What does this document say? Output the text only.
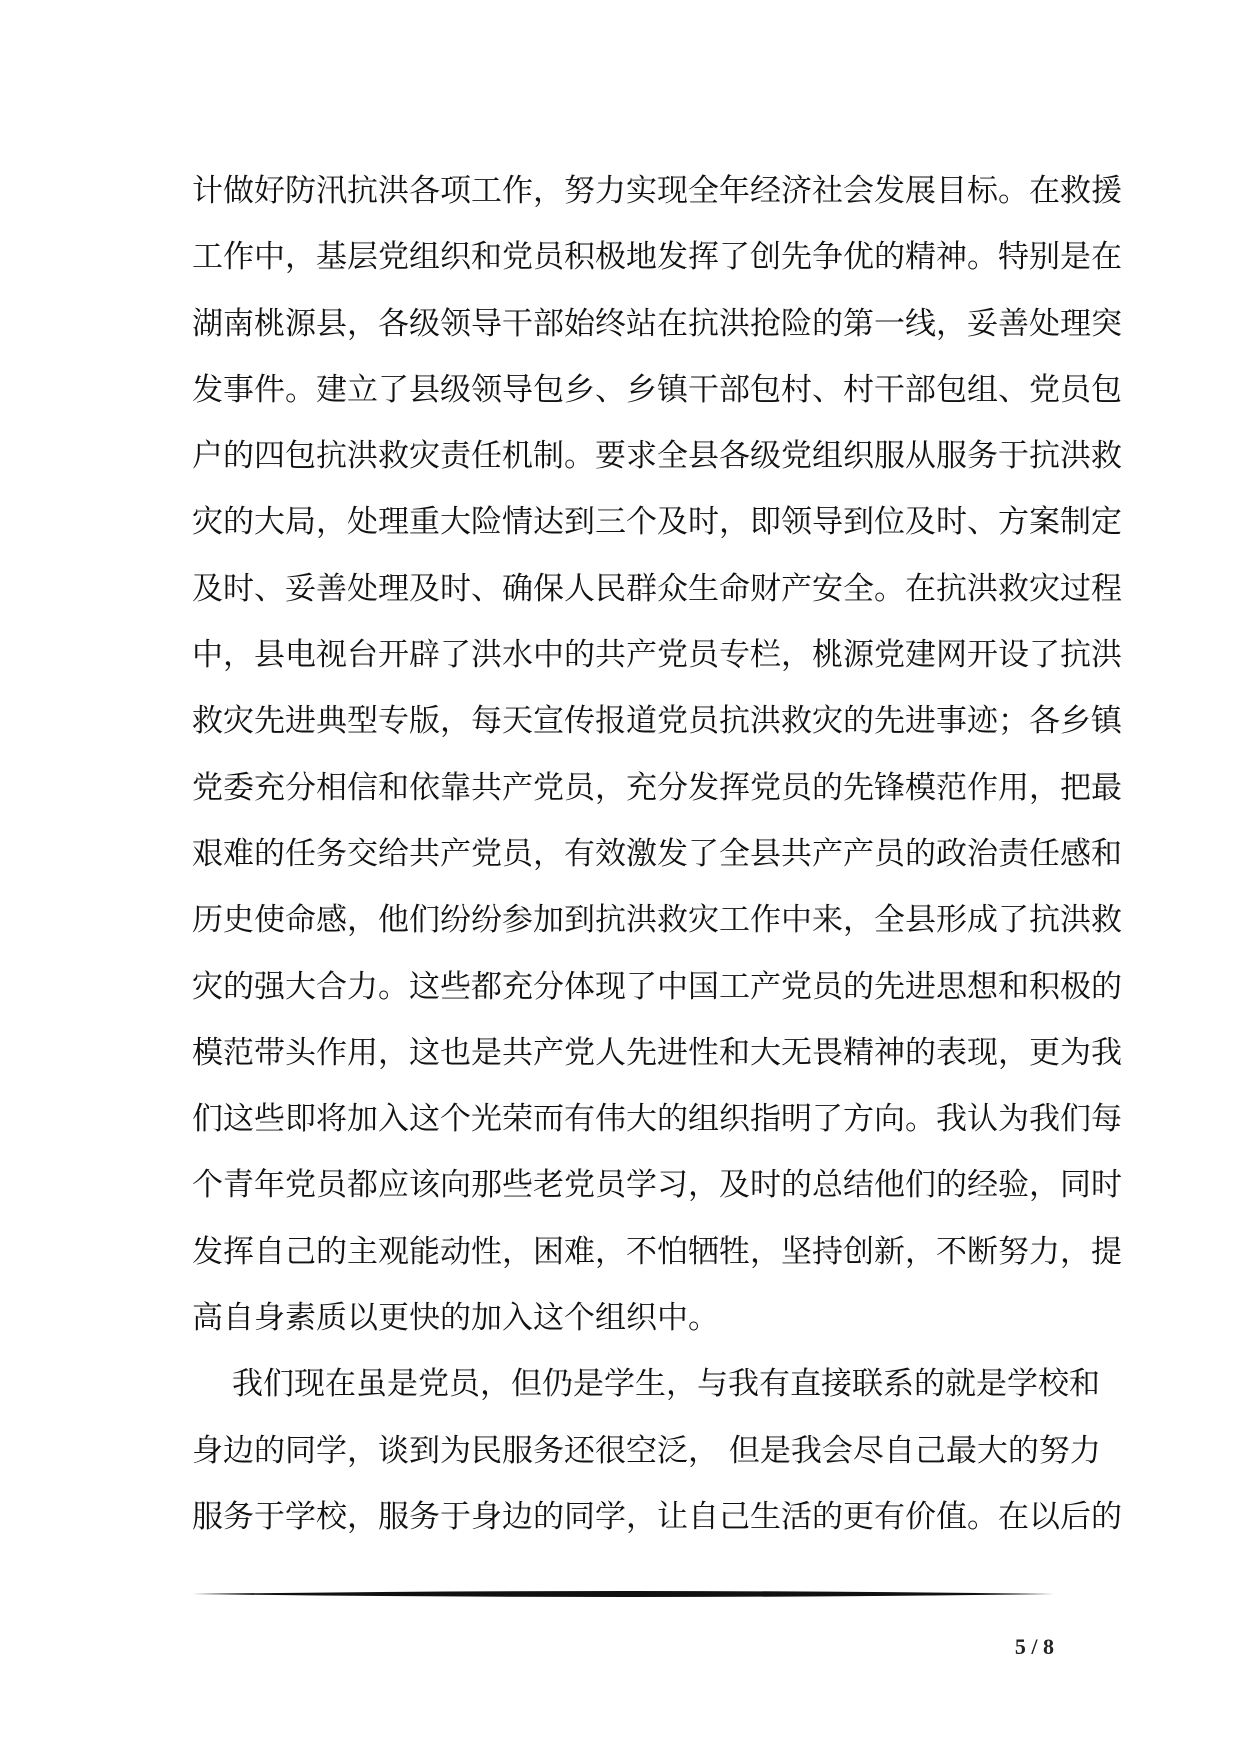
计做好防汛抗洪各项工作，努力实现全年经济社会发展目标。在救援
工作中，基层党组织和党员积极地发挥了创先争优的精神。特别是在
湖南桃源县，各级领导干部始终站在抗洪抢险的第一线，妥善处理突
发事件。建立了县级领导包乡、乡镇干部包村、村干部包组、党员包
户的四包抗洪救灾责任机制。要求全县各级党组织服从服务于抗洪救
灾的大局，处理重大险情达到三个及时，即领导到位及时、方案制定
及时、妥善处理及时、确保人民群众生命财产安全。在抗洪救灾过程
中，县电视台开辟了洪水中的共产党员专栏，桃源党建网开设了抗洪
救灾先进典型专版，每天宣传报道党员抗洪救灾的先进事迹；各乡镇
党委充分相信和依靠共产党员，充分发挥党员的先锋模范作用，把最
艰难的任务交给共产党员，有效激发了全县共产产员的政治责任感和
历史使命感，他们纷纷参加到抗洪救灾工作中来，全县形成了抗洪救
灾的强大合力。这些都充分体现了中国工产党员的先进思想和积极的
模范带头作用，这也是共产党人先进性和大无畏精神的表现，更为我
们这些即将加入这个光荣而有伟大的组织指明了方向。我认为我们每
个青年党员都应该向那些老党员学习，及时的总结他们的经验，同时
发挥自己的主观能动性，困难，不怕牺牲，坚持创新，不断努力，提
高自身素质以更快的加入这个组织中。
我们现在虽是党员，但仍是学生，与我有直接联系的就是学校和
身边的同学，谈到为民服务还很空泛， 但是我会尽自己最大的努力
服务于学校，服务于身边的同学，让自己生活的更有价值。在以后的
5 / 8
